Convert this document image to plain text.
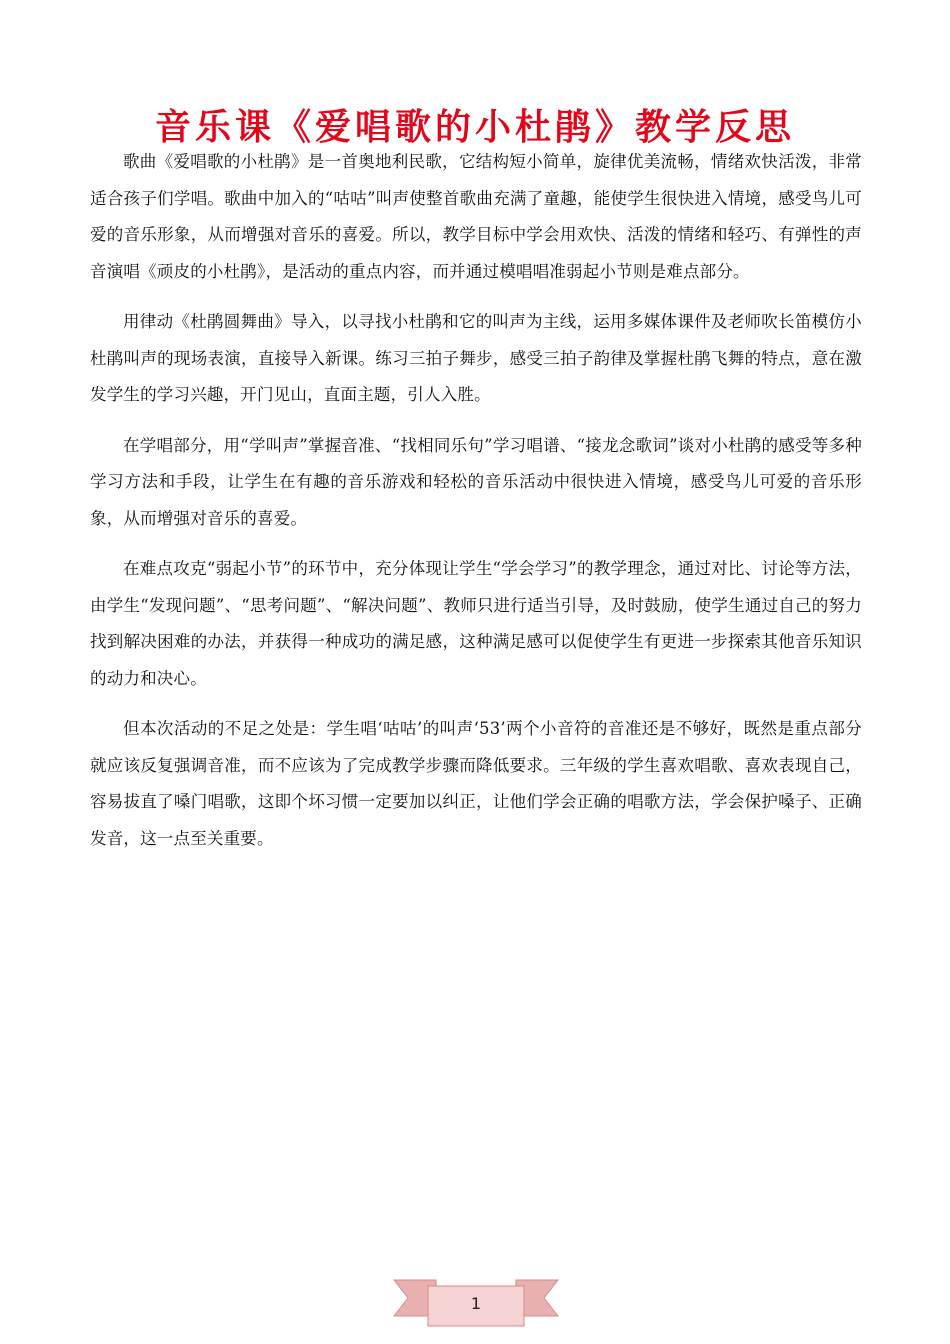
音乐课《爱唱歌的小杜鹃》教学反思

歌曲《爱唱歌的小杜鹃》是一首奥地利民歌，它结构短小简单，旋律优美流畅，情绪欢快活泼，非常适合孩子们学唱。歌曲中加入的“咕咕”叫声使整首歌曲充满了童趣，能使学生很快进入情境，感受鸟儿可爱的音乐形象，从而增强对音乐的喜爱。所以，教学目标中学会用欢快、活泼的情绪和轻巧、有弹性的声音演唱《顽皮的小杜鹃》，是活动的重点内容，而并通过模唱唱准弱起小节则是难点部分。

用律动《杜鹃圆舞曲》导入，以寻找小杜鹃和它的叫声为主线，运用多媒体课件及老师吹长笛模仿小杜鹃叫声的现场表演，直接导入新课。练习三拍子舞步，感受三拍子韵律及掌握杜鹃飞舞的特点，意在激发学生的学习兴趣，开门见山，直面主题，引人入胜。

在学唱部分，用“学叫声”掌握音准、“找相同乐句”学习唱谱、“接龙念歌词”谈对小杜鹃的感受等多种学习方法和手段，让学生在有趣的音乐游戏和轻松的音乐活动中很快进入情境，感受鸟儿可爱的音乐形象，从而增强对音乐的喜爱。

在难点攻克“弱起小节”的环节中，充分体现让学生“学会学习”的教学理念，通过对比、讨论等方法，由学生“发现问题”、“思考问题”、“解决问题”、教师只进行适当引导，及时鼓励，使学生通过自己的努力找到解决困难的办法，并获得一种成功的满足感，这种满足感可以促使学生有更进一步探索其他音乐知识的动力和决心。

但本次活动的不足之处是：学生唱‘咕咕’的叫声‘53’两个小音符的音准还是不够好，既然是重点部分就应该反复强调音准，而不应该为了完成教学步骤而降低要求。三年级的学生喜欢唱歌、喜欢表现自己，容易拔直了嗓门唱歌，这即个坏习惯一定要加以纠正，让他们学会正确的唱歌方法，学会保护嗓子、正确发音，这一点至关重要。

1
